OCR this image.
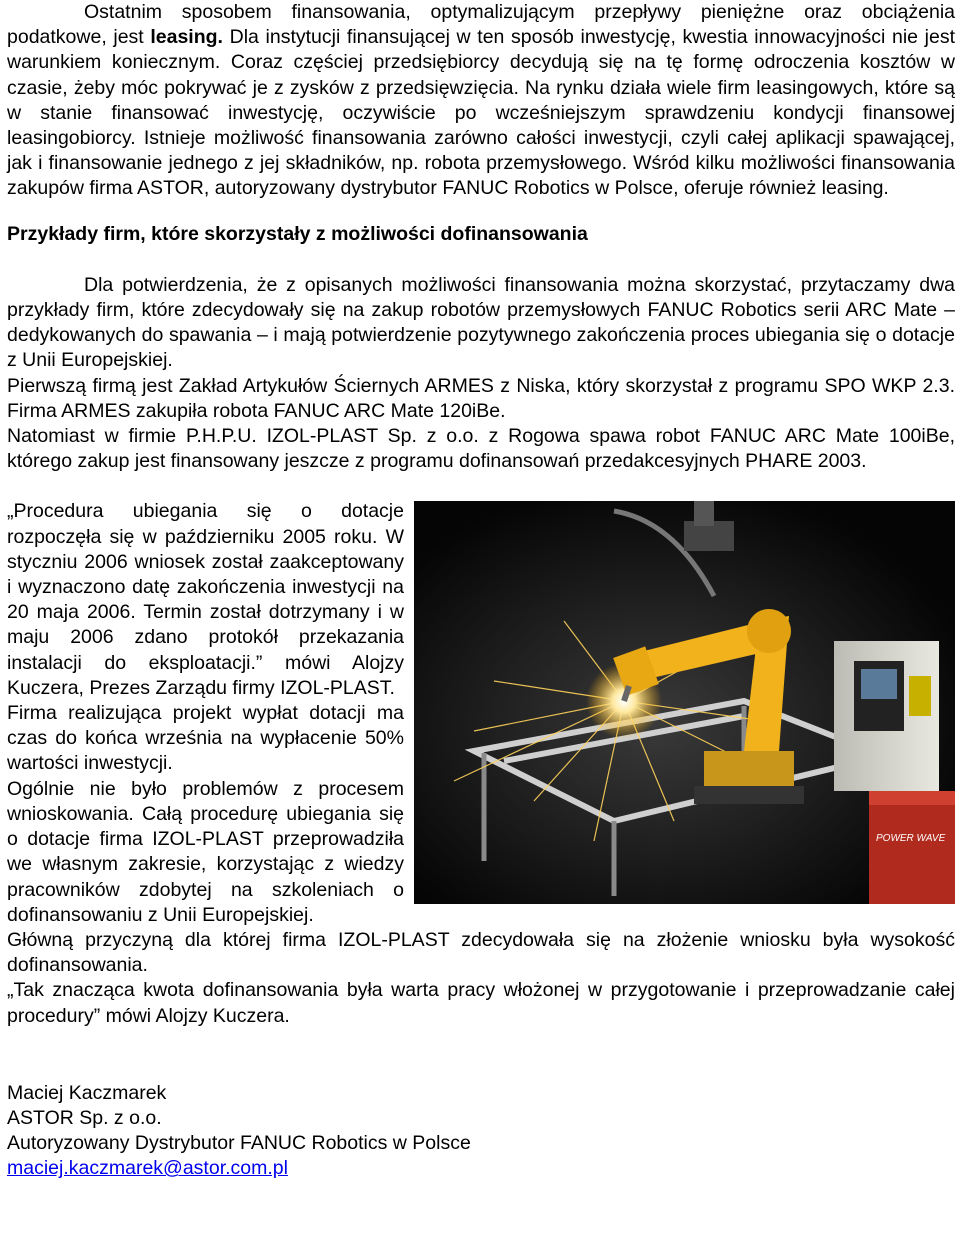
Ostatnim sposobem finansowania, optymalizującym przepływy pieniężne oraz obciążenia podatkowe, jest leasing. Dla instytucji finansującej w ten sposób inwestycję, kwestia innowacyjności nie jest warunkiem koniecznym. Coraz częściej przedsiębiorcy decydują się na tę formę odroczenia kosztów w czasie, żeby móc pokrywać je z zysków z przedsięwzięcia. Na rynku działa wiele firm leasingowych, które są w stanie finansować inwestycję, oczywiście po wcześniejszym sprawdzeniu kondycji finansowej leasingobiorcy. Istnieje możliwość finansowania zarówno całości inwestycji, czyli całej aplikacji spawającej, jak i finansowanie jednego z jej składników, np. robota przemysłowego. Wśród kilku możliwości finansowania zakupów firma ASTOR, autoryzowany dystrybutor FANUC Robotics w Polsce, oferuje również leasing.

Przykłady firm, które skorzystały z możliwości dofinansowania

Dla potwierdzenia, że z opisanych możliwości finansowania można skorzystać, przytaczamy dwa przykłady firm, które zdecydowały się na zakup robotów przemysłowych FANUC Robotics serii ARC Mate – dedykowanych do spawania – i mają potwierdzenie pozytywnego zakończenia proces ubiegania się o dotacje z Unii Europejskiej.

Pierwszą firmą jest Zakład Artykułów Ściernych ARMES z Niska, który skorzystał z programu SPO WKP 2.3. Firma ARMES zakupiła robota FANUC ARC Mate 120iBe.

Natomiast w firmie P.H.P.U. IZOL-PLAST Sp. z o.o. z Rogowa spawa robot FANUC ARC Mate 100iBe, którego zakup jest finansowany jeszcze z programu dofinansowań przedakcesyjnych PHARE 2003.

POWER WAVE

„Procedura ubiegania się o dotacje rozpoczęła się w październiku 2005 roku. W styczniu 2006 wniosek został zaakceptowany i wyznaczono datę zakończenia inwestycji na 20 maja 2006. Termin został dotrzymany i w maju 2006 zdano protokół przekazania instalacji do eksploatacji.” mówi Alojzy Kuczera, Prezes Zarządu firmy IZOL-PLAST.

Firma realizująca projekt wypłat dotacji ma czas do końca września na wypłacenie 50% wartości inwestycji.

Ogólnie nie było problemów z procesem wnioskowania. Całą procedurę ubiegania się o dotacje firma IZOL-PLAST przeprowadziła we własnym zakresie, korzystając z wiedzy pracowników zdobytej na szkoleniach o dofinansowaniu z Unii Europejskiej.

Główną przyczyną dla której firma IZOL-PLAST zdecydowała się na złożenie wniosku była wysokość dofinansowania.

„Tak znacząca kwota dofinansowania była warta pracy włożonej w przygotowanie i przeprowadzanie całej procedury” mówi Alojzy Kuczera.

Maciej Kaczmarek

ASTOR Sp. z o.o.

Autoryzowany Dystrybutor FANUC Robotics w Polsce

maciej.kaczmarek@astor.com.pl
